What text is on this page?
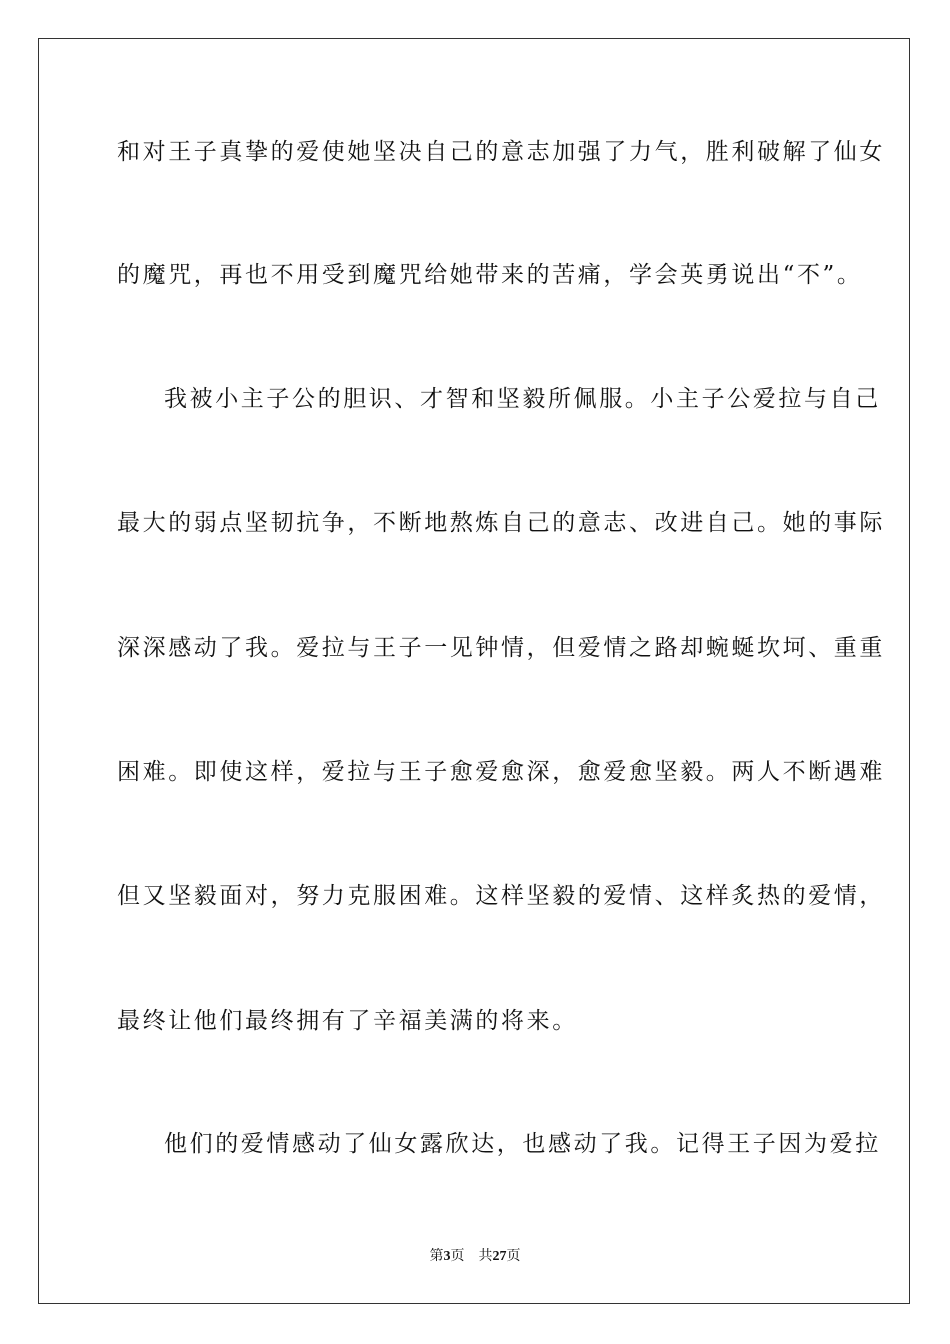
和对王子真挚的爱使她坚决自己的意志加强了力气，胜利破解了仙女
的魔咒，再也不用受到魔咒给她带来的苦痛，学会英勇说出“不”。
我被小主子公的胆识、才智和坚毅所佩服。小主子公爱拉与自己
最大的弱点坚韧抗争，不断地熬炼自己的意志、改进自己。她的事际
深深感动了我。爱拉与王子一见钟情，但爱情之路却蜿蜒坎坷、重重
困难。即使这样，爱拉与王子愈爱愈深，愈爱愈坚毅。两人不断遇难
但又坚毅面对，努力克服困难。这样坚毅的爱情、这样炙热的爱情，
最终让他们最终拥有了辛福美满的将来。
他们的爱情感动了仙女露欣达，也感动了我。记得王子因为爱拉
第3页 共27页
